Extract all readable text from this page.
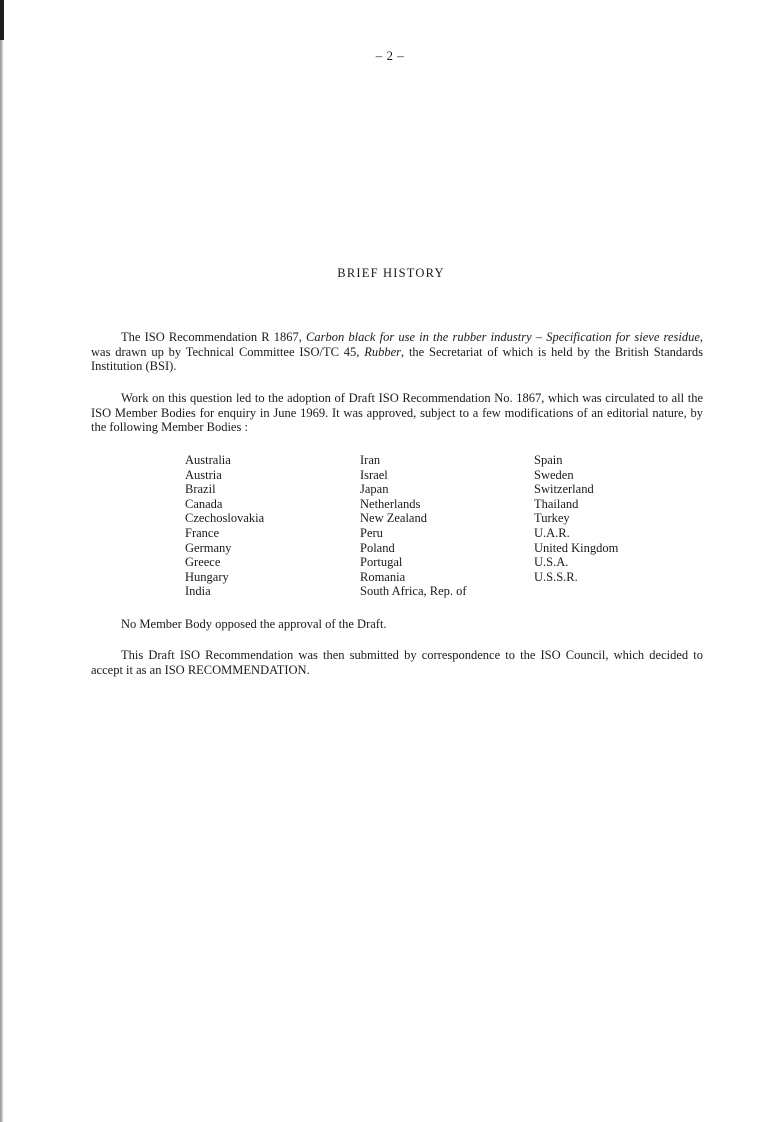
– 2 –
BRIEF HISTORY

The ISO Recommendation R 1867, Carbon black for use in the rubber industry – Specification for sieve residue, was drawn up by Technical Committee ISO/TC 45, Rubber, the Secretariat of which is held by the British Standards Institution (BSI).

Work on this question led to the adoption of Draft ISO Recommendation No. 1867, which was circulated to all the ISO Member Bodies for enquiry in June 1969. It was approved, subject to a few modifications of an editorial nature, by the following Member Bodies :

Australia
Austria
Brazil
Canada
Czechoslovakia
France
Germany
Greece
Hungary
India
Iran
Israel
Japan
Netherlands
New Zealand
Peru
Poland
Portugal
Romania
South Africa, Rep. of
Spain
Sweden
Switzerland
Thailand
Turkey
U.A.R.
United Kingdom
U.S.A.
U.S.S.R.

No Member Body opposed the approval of the Draft.

This Draft ISO Recommendation was then submitted by correspondence to the ISO Council, which decided to accept it as an ISO RECOMMENDATION.
